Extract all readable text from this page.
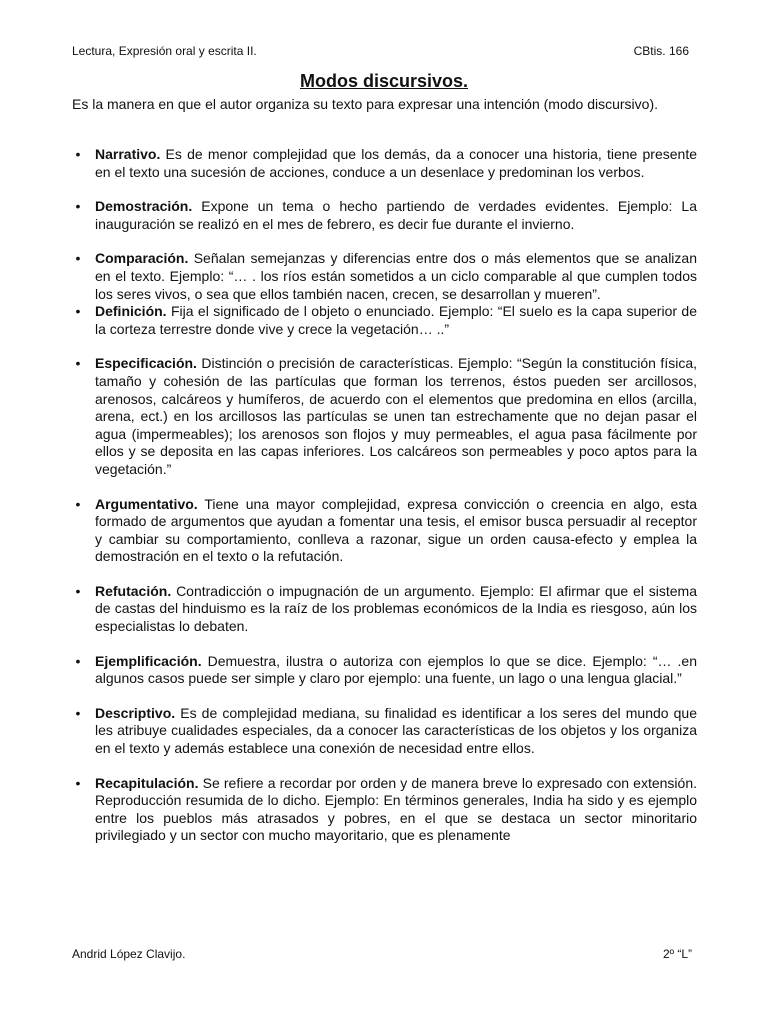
Lectura, Expresión oral y escrita II.	CBtis. 166
Modos discursivos.
Es la manera en que el autor organiza su texto para expresar una intención (modo discursivo).
• Narrativo. Es de menor complejidad que los demás, da a conocer una historia, tiene presente en el texto una sucesión de acciones, conduce a un desenlace y predominan los verbos.
• Demostración. Expone un tema o hecho partiendo de verdades evidentes. Ejemplo: La inauguración se realizó en el mes de febrero, es decir fue durante el invierno.
• Comparación. Señalan semejanzas y diferencias entre dos o más elementos que se analizan en el texto. Ejemplo: “… . los ríos están sometidos a un ciclo comparable al que cumplen todos los seres vivos, o sea que ellos también nacen, crecen, se desarrollan y mueren”.
• Definición. Fija el significado de l objeto o enunciado. Ejemplo: “El suelo es la capa superior de la corteza terrestre donde vive y crece la vegetación… ..”
• Especificación. Distinción o precisión de características. Ejemplo: “Según la constitución física, tamaño y cohesión de las partículas que forman los terrenos, éstos pueden ser arcillosos, arenosos, calcáreos y humíferos, de acuerdo con el elementos que predomina en ellos (arcilla, arena, ect.) en los arcillosos las partículas se unen tan estrechamente que no dejan pasar el agua (impermeables); los arenosos son flojos y muy permeables, el agua pasa fácilmente por ellos y se deposita en las capas inferiores. Los calcáreos son permeables y poco aptos para la vegetación.”
• Argumentativo. Tiene una mayor complejidad, expresa convicción o creencia en algo, esta formado de argumentos que ayudan a fomentar una tesis, el emisor busca persuadir al receptor y cambiar su comportamiento, conlleva a razonar, sigue un orden causa-efecto y emplea la demostración en el texto o la refutación.
• Refutación. Contradicción o impugnación de un argumento. Ejemplo: El afirmar que el sistema de castas del hinduismo es la raíz de los problemas económicos de la India es riesgoso, aún los especialistas lo debaten.
• Ejemplificación. Demuestra, ilustra o autoriza con ejemplos lo que se dice. Ejemplo: “… .en algunos casos puede ser simple y claro por ejemplo: una fuente, un lago o una lengua glacial.”
• Descriptivo. Es de complejidad mediana, su finalidad es identificar a los seres del mundo que les atribuye cualidades especiales, da a conocer las características de los objetos y los organiza en el texto y además establece una conexión de necesidad entre ellos.
• Recapitulación. Se refiere a recordar por orden y de manera breve lo expresado con extensión. Reproducción resumida de lo dicho. Ejemplo: En términos generales, India ha sido y es ejemplo entre los pueblos más atrasados y pobres, en el que se destaca un sector minoritario privilegiado y un sector con mucho mayoritario, que es plenamente
Andrid López Clavijo.	2º “L”
